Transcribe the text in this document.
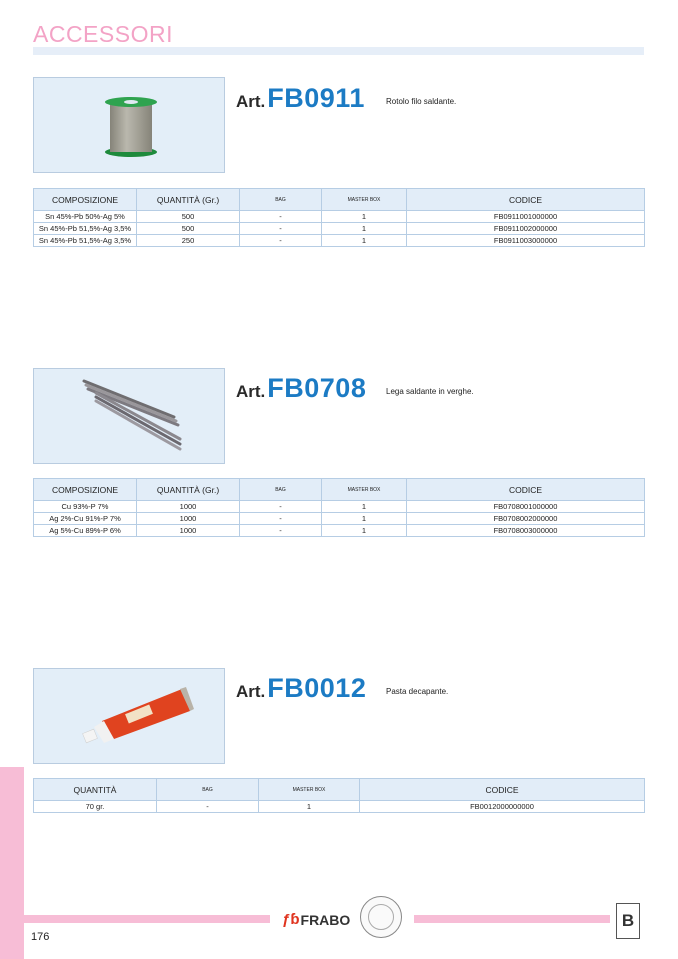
ACCESSORI
Art. FB0911	Rotolo filo saldante.
COMPOSIZIONE	QUANTITÀ (Gr.)	BAG	MASTER BOX	CODICE
Sn 45%-Pb 50%-Ag 5%	500	-	1	FB0911001000000
Sn 45%-Pb 51,5%-Ag 3,5%	500	-	1	FB0911002000000
Sn 45%-Pb 51,5%-Ag 3,5%	250	-	1	FB0911003000000
Art. FB0708 Lega saldante in verghe.
COMPOSIZIONE	QUANTITÀ (Gr.)	BAG	MASTER BOX	CODICE
Cu 93%-P 7%	1000	-	1	FB0708001000000
Ag 2%-Cu 91%-P 7%	1000	-	1	FB0708002000000
Ag 5%-Cu 89%-P 6%	1000	-	1	FB0708003000000
Art. FB0012 Pasta decapante.
QUANTITÀ	BAG	MASTER BOX	CODICE
70 gr.	-	1	FB0012000000000
176
ƒɓ FRABO	B
